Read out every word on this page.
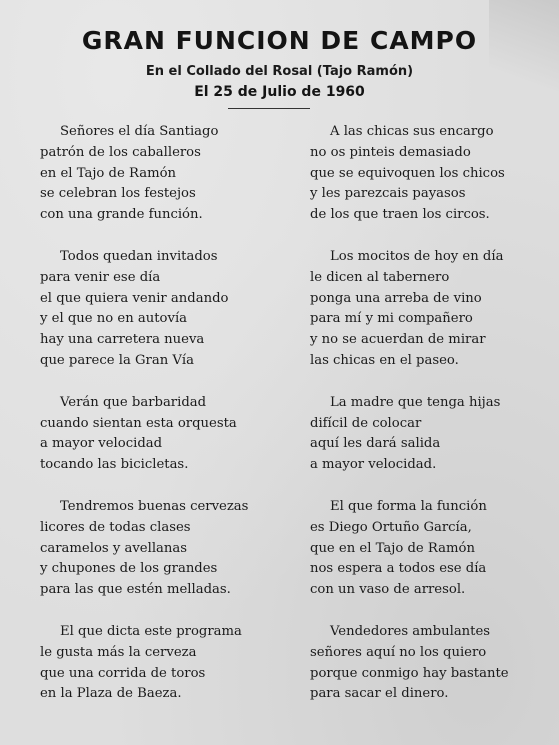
GRAN FUNCION DE CAMPO
En el Collado del Rosal (Tajo Ramón)
El 25 de Julio de 1960
Señores el día Santiago
patrón de los caballeros
en el Tajo de Ramón
se celebran los festejos
con una grande función.
Todos quedan invitados
para venir ese día
el que quiera venir andando
y el que no en autovía
hay una carretera nueva
que parece la Gran Vía
Verán que barbaridad
cuando sientan esta orquesta
a mayor velocidad
tocando las bicicletas.
Tendremos buenas cervezas
licores de todas clases
caramelos y avellanas
y chupones de los grandes
para las que estén melladas.
El que dicta este programa
le gusta más la cerveza
que una corrida de toros
en la Plaza de Baeza.
A las chicas sus encargo
no os pinteis demasiado
que se equivoquen los chicos
y les parezcais payasos
de los que traen los circos.
Los mocitos de hoy en día
le dicen al tabernero
ponga una arreba de vino
para mí y mi compañero
y no se acuerdan de mirar
las chicas en el paseo.
La madre que tenga hijas
difícil de colocar
aquí les dará salida
a mayor velocidad.
El que forma la función
es Diego Ortuño García,
que en el Tajo de Ramón
nos espera a todos ese día
con un vaso de arresol.
Vendedores ambulantes
señores aquí no los quiero
porque conmigo hay bastante
para sacar el dinero.
